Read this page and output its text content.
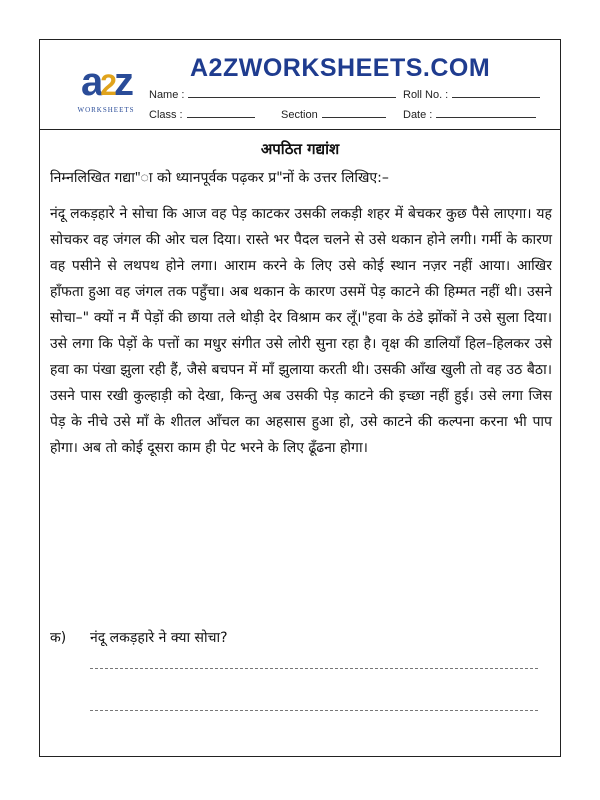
a2z
WORKSHEETS
A2ZWORKSHEETS.COM
Name :	Roll No. :
Class :	Section	Date :
अपठित गद्यांश

निम्नलिखित गद्या"ा को ध्यानपूर्वक पढ़कर प्र"नों के उत्तर लिखिए:–

नंदू लकड़हारे ने सोचा कि आज वह पेड़ काटकर उसकी लकड़ी शहर में बेचकर कुछ पैसे लाएगा। यह सोचकर वह जंगल की ओर चल दिया। रास्ते भर पैदल चलने से उसे थकान होने लगी। गर्मी के कारण वह पसीने से लथपथ होने लगा। आराम करने के लिए उसे कोई स्थान नज़र नहीं आया। आखिर हाँफता हुआ वह जंगल तक पहुँचा। अब थकान के कारण उसमें पेड़ काटने की हिम्मत नहीं थी। उसने सोचा–" क्यों न मैं पेड़ों की छाया तले थोड़ी देर विश्राम कर लूँ।"हवा के ठंडे झोंकों ने उसे सुला दिया। उसे लगा कि पेड़ों के पत्तों का मधुर संगीत उसे लोरी सुना रहा है। वृक्ष की डालियाँ हिल–हिलकर उसे हवा का पंखा झुला रही हैं, जैसे बचपन में माँ झुलाया करती थी। उसकी आँख खुली तो वह उठ बैठा। उसने पास रखी कुल्हाड़ी को देखा, किन्तु अब उसकी पेड़ काटने की इच्छा नहीं हुई। उसे लगा जिस पेड़ के नीचे उसे माँ के शीतल आँचल का अहसास हुआ हो, उसे काटने की कल्पना करना भी पाप होगा। अब तो कोई दूसरा काम ही पेट भरने के लिए ढूँढना होगा।

क) नंदू लकड़हारे ने क्या सोचा?
